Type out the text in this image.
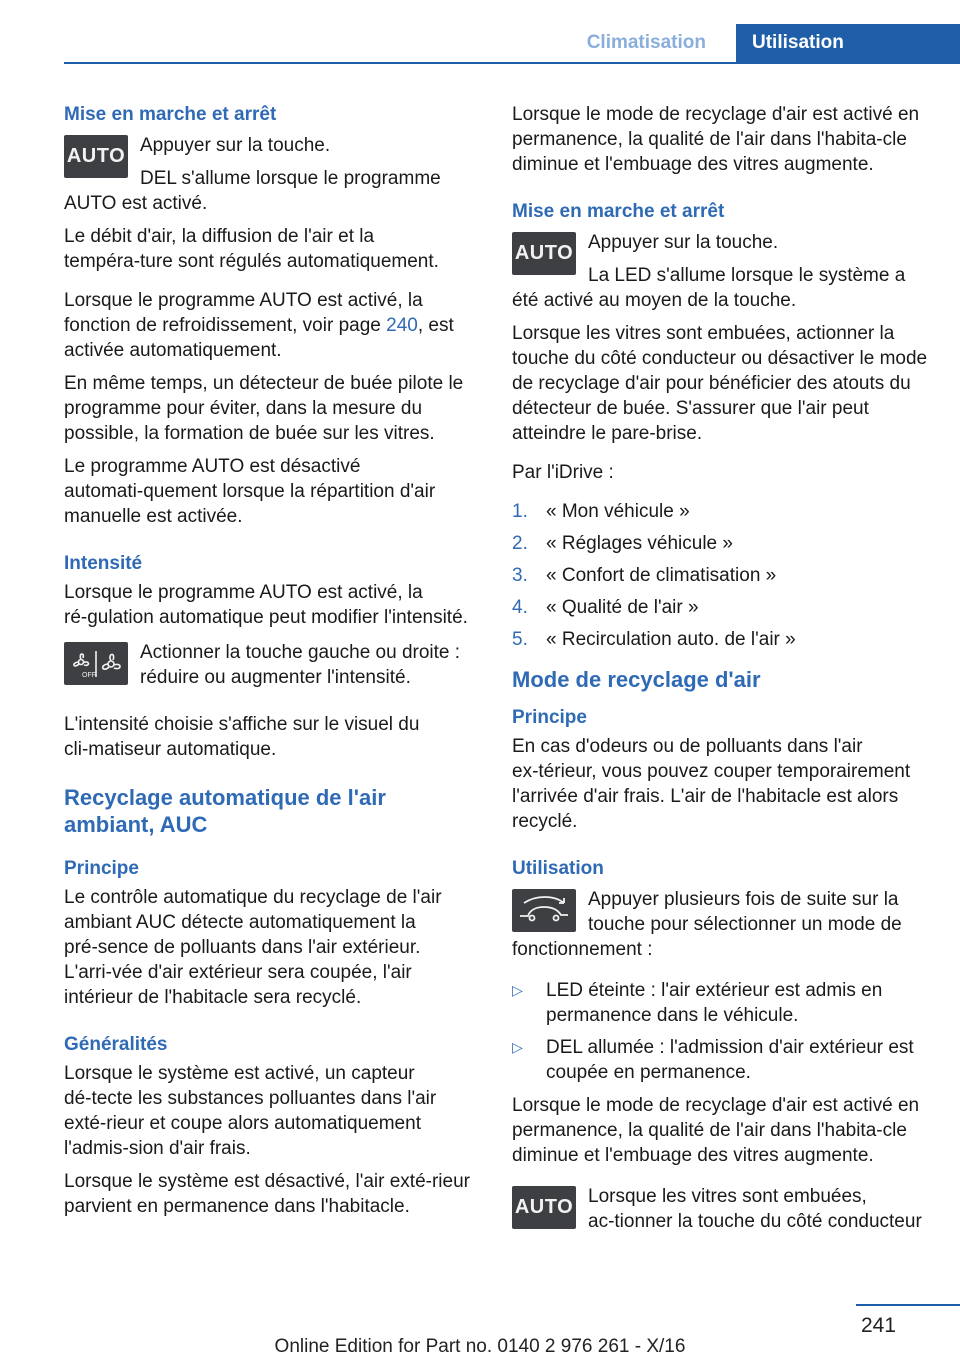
Climatisation	Utilisation
Mise en marche et arrêt
AUTO Appuyer sur la touche.

DEL s'allume lorsque le programme AUTO est activé.

Le débit d'air, la diffusion de l'air et la tempéra‑ture sont régulés automatiquement.

Lorsque le programme AUTO est activé, la fonction de refroidissement, voir page 240, est activée automatiquement.

En même temps, un détecteur de buée pilote le programme pour éviter, dans la mesure du possible, la formation de buée sur les vitres.

Le programme AUTO est désactivé automati‑quement lorsque la répartition d'air manuelle est activée.

Intensité

Lorsque le programme AUTO est activé, la ré‑gulation automatique peut modifier l'intensité.

OFF

Actionner la touche gauche ou droite : réduire ou augmenter l'intensité.

L'intensité choisie s'affiche sur le visuel du cli‑matiseur automatique.

Recyclage automatique de l'air ambiant, AUC
Principe

Le contrôle automatique du recyclage de l'air ambiant AUC détecte automatiquement la pré‑sence de polluants dans l'air extérieur. L'arri‑vée d'air extérieur sera coupée, l'air intérieur de l'habitacle sera recyclé.

Généralités

Lorsque le système est activé, un capteur dé‑tecte les substances polluantes dans l'air exté‑rieur et coupe alors automatiquement l'admis‑sion d'air frais.

Lorsque le système est désactivé, l'air exté‑rieur parvient en permanence dans l'habitacle.

Lorsque le mode de recyclage d'air est activé en permanence, la qualité de l'air dans l'habita‑cle diminue et l'embuage des vitres augmente.

Mise en marche et arrêt
AUTO Appuyer sur la touche.

La LED s'allume lorsque le système a été activé au moyen de la touche.

Lorsque les vitres sont embuées, actionner la touche du côté conducteur ou désactiver le mode de recyclage d'air pour bénéficier des atouts du détecteur de buée. S'assurer que l'air peut atteindre le pare-brise.

Par l'iDrive :

1. « Mon véhicule »
2. « Réglages véhicule »
3. « Confort de climatisation »
4. « Qualité de l'air »
5. « Recirculation auto. de l'air »
Mode de recyclage d'air
Principe

En cas d'odeurs ou de polluants dans l'air ex‑térieur, vous pouvez couper temporairement l'arrivée d'air frais. L'air de l'habitacle est alors recyclé.

Utilisation

Appuyer plusieurs fois de suite sur la touche pour sélectionner un mode de fonctionnement :

▷ LED éteinte : l'air extérieur est admis en permanence dans le véhicule.
▷ DEL allumée : l'admission d'air extérieur est coupée en permanence.

Lorsque le mode de recyclage d'air est activé en permanence, la qualité de l'air dans l'habita‑cle diminue et l'embuage des vitres augmente.

AUTO Lorsque les vitres sont embuées, ac‑tionner la touche du côté conducteur

241
Online Edition for Part no. 0140 2 976 261 - X/16
